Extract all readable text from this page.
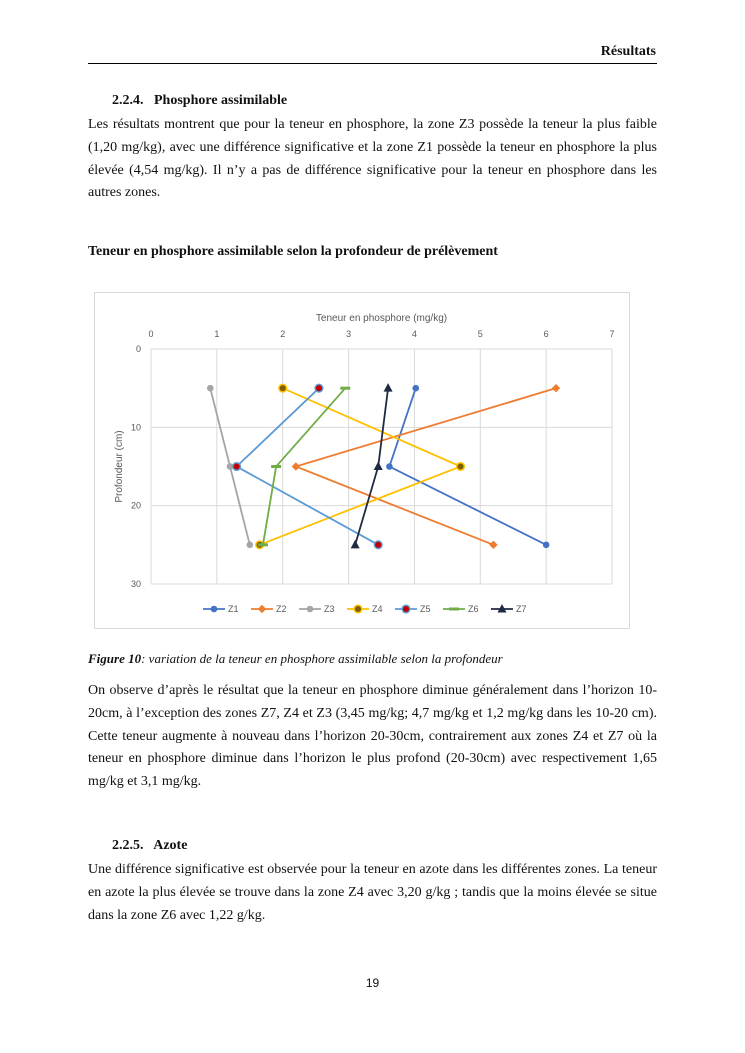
Résultats
2.2.4. Phosphore assimilable
Les résultats montrent que pour la teneur en phosphore, la zone Z3 possède la teneur la plus faible (1,20 mg/kg), avec une différence significative et la zone Z1 possède la teneur en phosphore la plus élevée (4,54 mg/kg). Il n’y a pas de différence significative pour la teneur en phosphore dans les autres zones.
Teneur en phosphore assimilable selon la profondeur de prélèvement
Teneur en phosphore (mg/kg)
0	1	2	3	4	5	6	7
0
10
20
30
Profondeur (cm)
Z1	Z2	Z3	Z4	Z5	Z6	Z7
Figure 10: variation de la teneur en phosphore assimilable selon la profondeur
On observe d’après le résultat que la teneur en phosphore diminue généralement dans l’horizon 10-20cm, à l’exception des zones Z7, Z4 et Z3 (3,45 mg/kg; 4,7 mg/kg et 1,2 mg/kg dans les 10-20 cm). Cette teneur augmente à nouveau dans l’horizon 20-30cm, contrairement aux zones Z4 et Z7 où la teneur en phosphore diminue dans l’horizon le plus profond (20-30cm) avec respectivement 1,65 mg/kg et 3,1 mg/kg.
2.2.5. Azote
Une différence significative est observée pour la teneur en azote dans les différentes zones. La teneur en azote la plus élevée se trouve dans la zone Z4 avec 3,20 g/kg ; tandis que la moins élevée se situe dans la zone Z6 avec 1,22 g/kg.
19
